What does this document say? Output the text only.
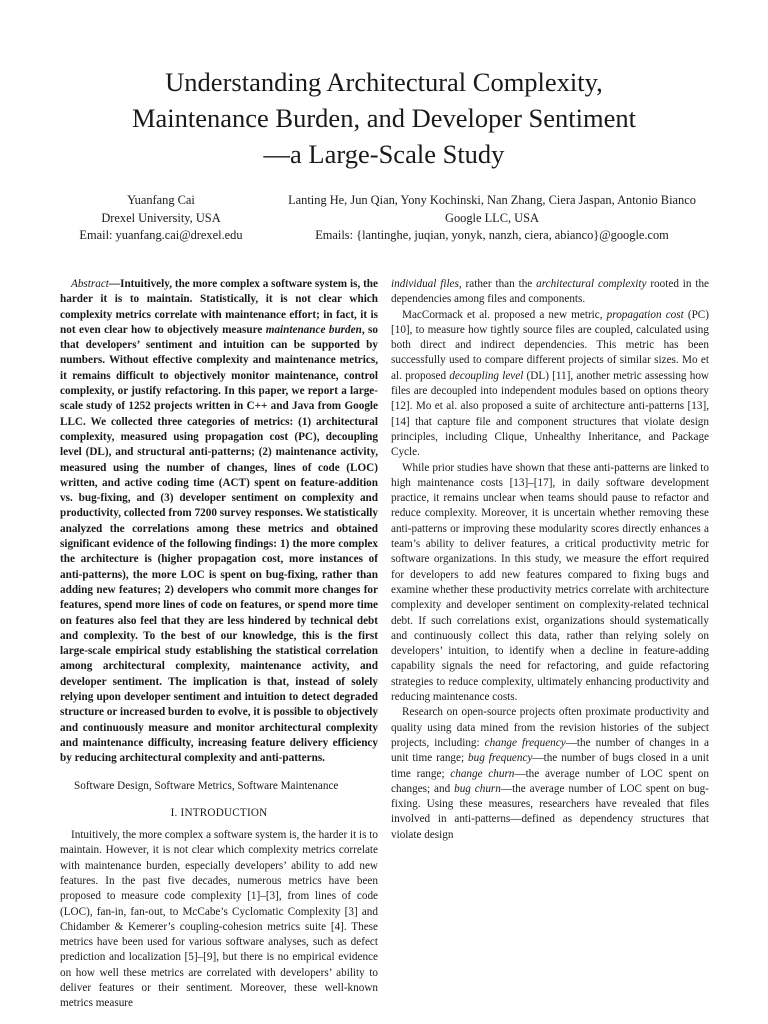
Understanding Architectural Complexity,
Maintenance Burden, and Developer Sentiment
—a Large-Scale Study
Yuanfang Cai
Drexel University, USA
Email: yuanfang.cai@drexel.edu
Lanting He, Jun Qian, Yony Kochinski, Nan Zhang, Ciera Jaspan, Antonio Bianco
Google LLC, USA
Emails: {lantinghe, juqian, yonyk, nanzh, ciera, abianco}@google.com

Abstract—Intuitively, the more complex a software system is, the harder it is to maintain. Statistically, it is not clear which complexity metrics correlate with maintenance effort; in fact, it is not even clear how to objectively measure maintenance burden, so that developers’ sentiment and intuition can be supported by numbers. Without effective complexity and maintenance metrics, it remains difficult to objectively monitor maintenance, control complexity, or justify refactoring. In this paper, we report a large-scale study of 1252 projects written in C++ and Java from Google LLC. We collected three categories of metrics: (1) architectural complexity, measured using propagation cost (PC), decoupling level (DL), and structural anti-patterns; (2) maintenance activity, measured using the number of changes, lines of code (LOC) written, and active coding time (ACT) spent on feature-addition vs. bug-fixing, and (3) developer sentiment on complexity and productivity, collected from 7200 survey responses. We statistically analyzed the correlations among these metrics and obtained significant evidence of the following findings: 1) the more complex the architecture is (higher propagation cost, more instances of anti-patterns), the more LOC is spent on bug-fixing, rather than adding new features; 2) developers who commit more changes for features, spend more lines of code on features, or spend more time on features also feel that they are less hindered by technical debt and complexity. To the best of our knowledge, this is the first large-scale empirical study establishing the statistical correlation among architectural complexity, maintenance activity, and developer sentiment. The implication is that, instead of solely relying upon developer sentiment and intuition to detect degraded structure or increased burden to evolve, it is possible to objectively and continuously measure and monitor architectural complexity and maintenance difficulty, increasing feature delivery efficiency by reducing architectural complexity and anti-patterns.

Software Design, Software Metrics, Software Maintenance

I. INTRODUCTION

Intuitively, the more complex a software system is, the harder it is to maintain. However, it is not clear which complexity metrics correlate with maintenance burden, especially developers’ ability to add new features. In the past five decades, numerous metrics have been proposed to measure code complexity [1]–[3], from lines of code (LOC), fan-in, fan-out, to McCabe’s Cyclomatic Complexity [3] and Chidamber & Kemerer’s coupling-cohesion metrics suite [4]. These metrics have been used for various software analyses, such as defect prediction and localization [5]–[9], but there is no empirical evidence on how well these metrics are correlated with developers’ ability to deliver features or their sentiment. Moreover, these well-known metrics measure

individual files, rather than the architectural complexity rooted in the dependencies among files and components.

MacCormack et al. proposed a new metric, propagation cost (PC) [10], to measure how tightly source files are coupled, calculated using both direct and indirect dependencies. This metric has been successfully used to compare different projects of similar sizes. Mo et al. proposed decoupling level (DL) [11], another metric assessing how files are decoupled into independent modules based on options theory [12]. Mo et al. also proposed a suite of architecture anti-patterns [13], [14] that capture file and component structures that violate design principles, including Clique, Unhealthy Inheritance, and Package Cycle.

While prior studies have shown that these anti-patterns are linked to high maintenance costs [13]–[17], in daily software development practice, it remains unclear when teams should pause to refactor and reduce complexity. Moreover, it is uncertain whether removing these anti-patterns or improving these modularity scores directly enhances a team’s ability to deliver features, a critical productivity metric for software organizations. In this study, we measure the effort required for developers to add new features compared to fixing bugs and examine whether these productivity metrics correlate with architecture complexity and developer sentiment on complexity-related technical debt. If such correlations exist, organizations should systematically and continuously collect this data, rather than relying solely on developers’ intuition, to identify when a decline in feature-adding capability signals the need for refactoring, and guide refactoring strategies to reduce complexity, ultimately enhancing productivity and reducing maintenance costs.

Research on open-source projects often proximate productivity and quality using data mined from the revision histories of the subject projects, including: change frequency—the number of changes in a unit time range; bug frequency—the number of bugs closed in a unit time range; change churn—the average number of LOC spent on changes; and bug churn—the average number of LOC spent on bug-fixing. Using these measures, researchers have revealed that files involved in anti-patterns—defined as dependency structures that violate design
